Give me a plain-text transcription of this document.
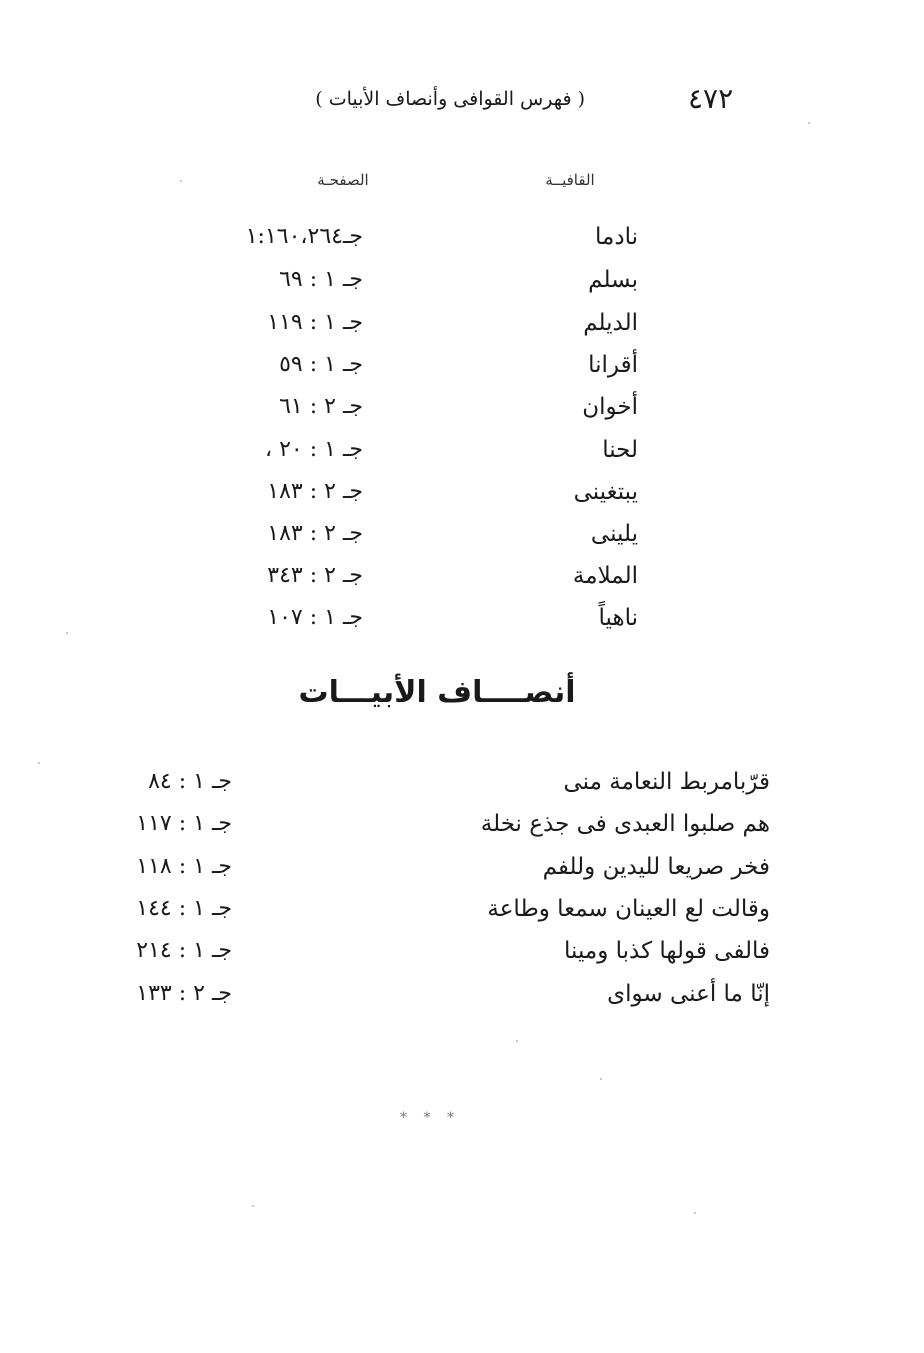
٤٧٢
( فهرس القوافى وأنصاف الأبيات )
القافيــة
الصفحـة
نادما
جـ١:١٦٠،٢٦٤
بسلم
جـ ١ : ٦٩
الديلم
جـ ١ : ١١٩
أقرانا
جـ ١ : ٥٩
أخوان
جـ ٢ : ٦١
لحنا
جـ ١ : ٢٠ ،
يبتغينى
جـ ٢ : ١٨٣
يلينى
جـ ٢ : ١٨٣
الملامة
جـ ٢ : ٣٤٣
ناهياً
جـ ١ : ١٠٧
أنصــــاف الأبيـــات
قرّبامربط النعامة منى
جـ ١ : ٨٤
هم صلبوا العبدى فى جذع نخلة
جـ ١ : ١١٧
فخر صريعا لليدين وللفم
جـ ١ : ١١٨
وقالت لع العينان سمعا وطاعة
جـ ١ : ١٤٤
فالفى قولها كذبا ومينا
جـ ١ : ٢١٤
إنّا ما أعنى سواى
جـ ٢ : ١٣٣
* * *
